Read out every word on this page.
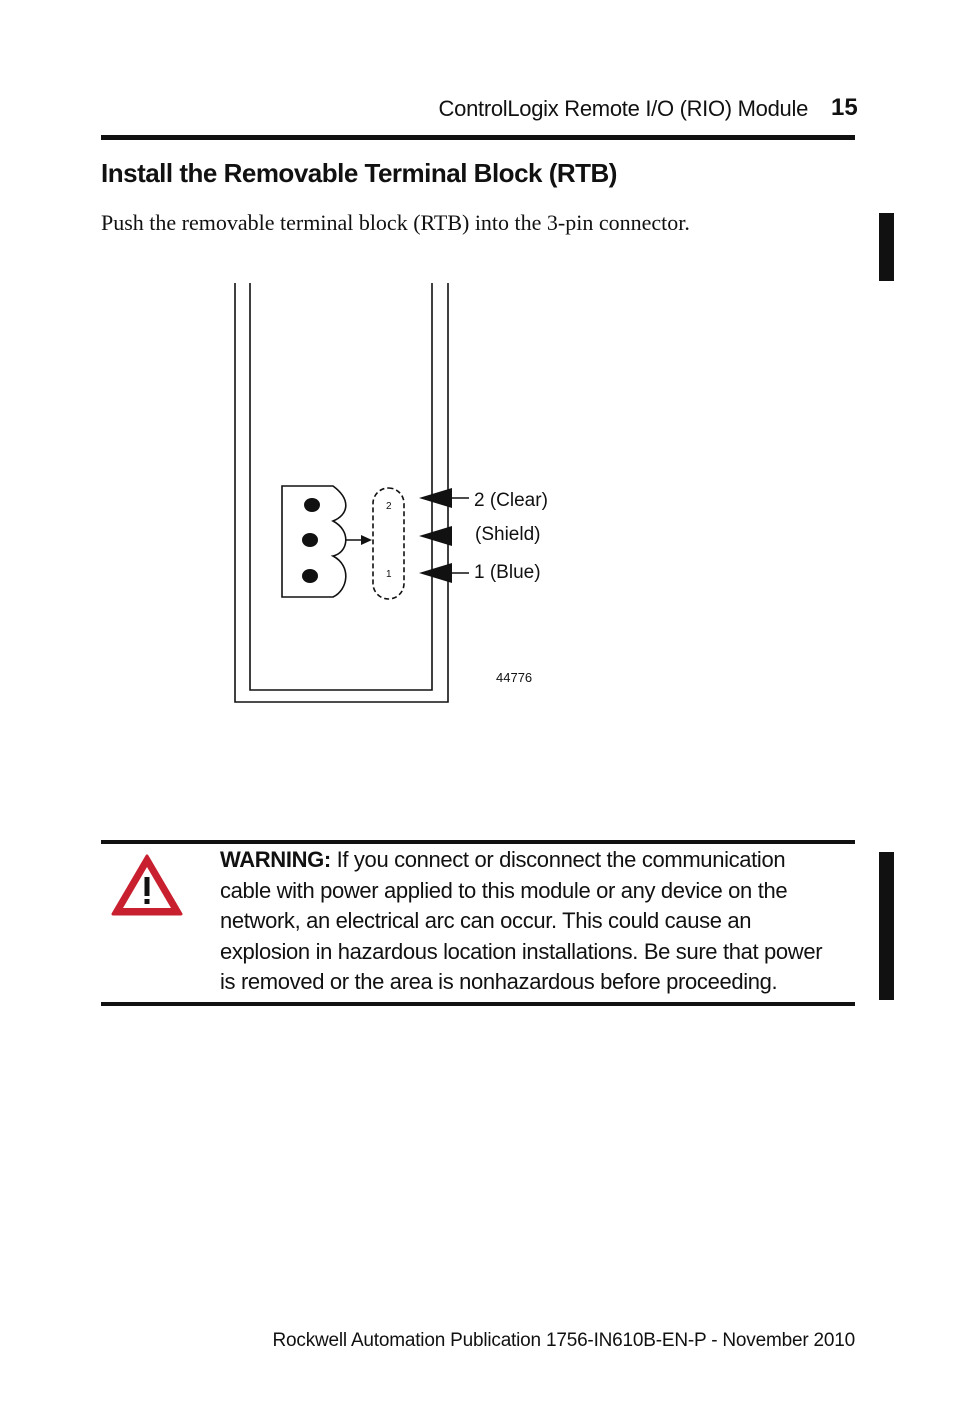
ControlLogix Remote I/O (RIO) Module 15
Install the Removable Terminal Block (RTB)
Push the removable terminal block (RTB) into the 3-pin connector.
2
1
2 (Clear)
(Shield)
1 (Blue)
44776
WARNING: If you connect or disconnect the communication cable with power applied to this module or any device on the network, an electrical arc can occur. This could cause an explosion in hazardous location installations. Be sure that power is removed or the area is nonhazardous before proceeding.
Rockwell Automation Publication 1756-IN610B-EN-P - November 2010
